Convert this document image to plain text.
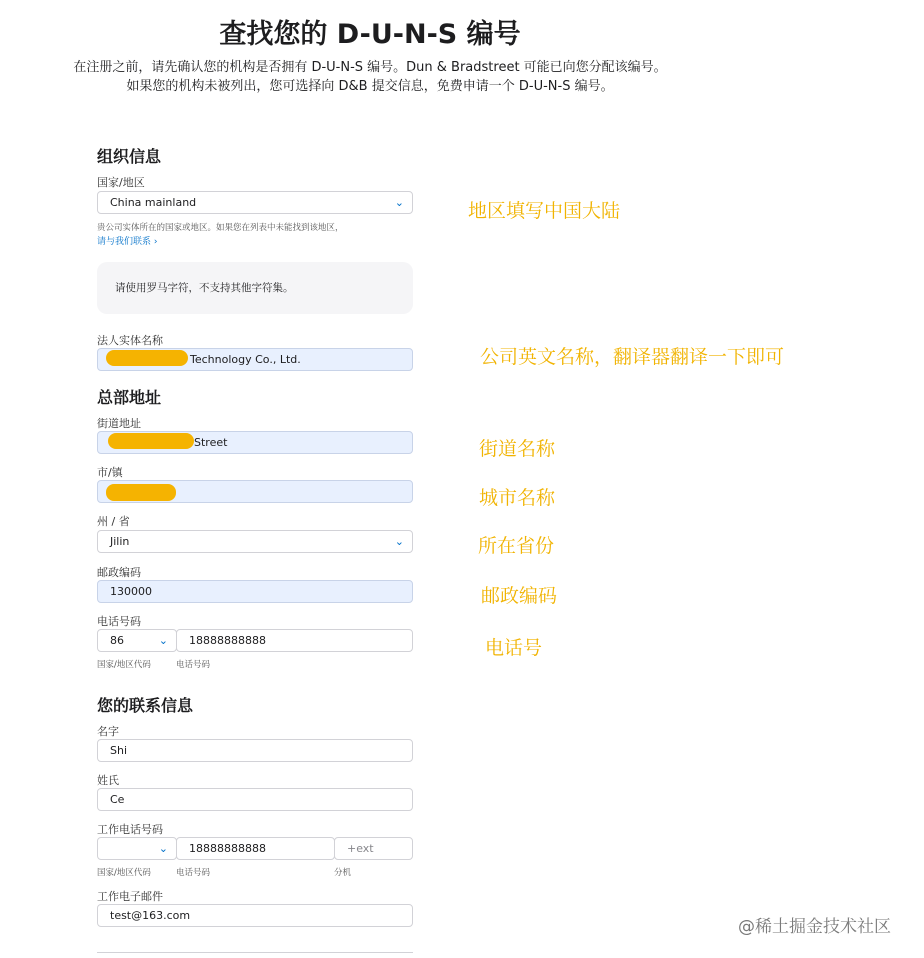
查找您的 D-U-N-S 编号
在注册之前，请先确认您的机构是否拥有 D-U-N-S 编号。Dun & Bradstreet 可能已向您分配该编号。如果您的机构未被列出，您可选择向 D&B 提交信息，免费申请一个 D-U-N-S 编号。
组织信息
国家/地区
China mainland	⌄
贵公司实体所在的国家或地区。如果您在列表中未能找到该地区，
请与我们联系 ›
请使用罗马字符，不支持其他字符集。
法人实体名称
Technology Co., Ltd.
总部地址
街道地址
Street
市/镇
州 / 省
Jilin	⌄
邮政编码
130000
电话号码
86	⌄	18888888888
国家/地区代码	电话号码
您的联系信息
名字
Shi
姓氏
Ce
工作电话号码
⌄	18888888888	+ext
国家/地区代码	电话号码	分机
工作电子邮件
test@163.com
地区填写中国大陆
公司英文名称，翻译器翻译一下即可
街道名称
城市名称
所在省份
邮政编码
电话号
@稀土掘金技术社区
